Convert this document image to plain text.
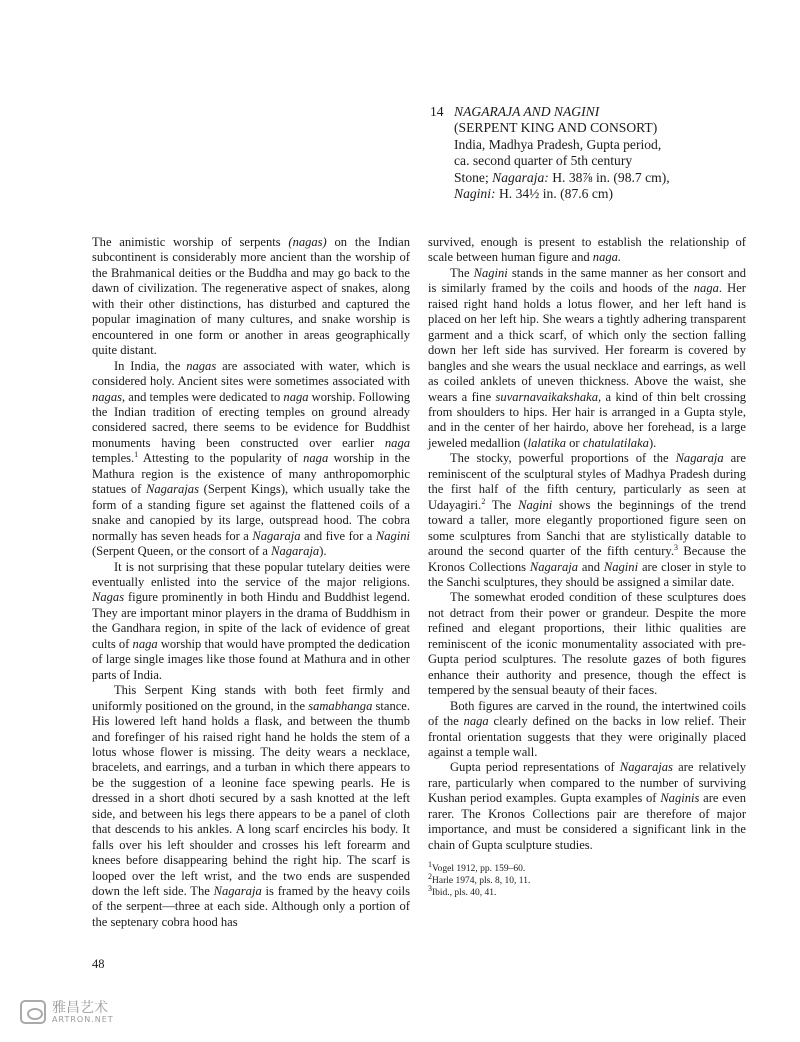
14 NAGARAJA AND NAGINI
(SERPENT KING AND CONSORT)
India, Madhya Pradesh, Gupta period,
ca. second quarter of 5th century
Stone; Nagaraja: H. 38⅞ in. (98.7 cm),
Nagini: H. 34½ in. (87.6 cm)

The animistic worship of serpents (nagas) on the Indian subcontinent is considerably more ancient than the worship of the Brahmanical deities or the Buddha and may go back to the dawn of civilization. The regenerative aspect of snakes, along with their other distinctions, has disturbed and captured the popular imagination of many cultures, and snake worship is encountered in one form or another in areas geographically quite distant.

In India, the nagas are associated with water, which is considered holy. Ancient sites were sometimes associated with nagas, and temples were dedicated to naga worship. Following the Indian tradition of erecting temples on ground already considered sacred, there seems to be evidence for Buddhist monuments having been constructed over earlier naga temples.$^1$ Attesting to the popularity of naga worship in the Mathura region is the existence of many anthropomorphic statues of Nagarajas (Serpent Kings), which usually take the form of a standing figure set against the flattened coils of a snake and canopied by its large, outspread hood. The cobra normally has seven heads for a Nagaraja and five for a Nagini (Serpent Queen, or the consort of a Nagaraja).

It is not surprising that these popular tutelary deities were eventually enlisted into the service of the major religions. Nagas figure prominently in both Hindu and Buddhist legend. They are important minor players in the drama of Buddhism in the Gandhara region, in spite of the lack of evidence of great cults of naga worship that would have prompted the dedication of large single images like those found at Mathura and in other parts of India.

This Serpent King stands with both feet firmly and uniformly positioned on the ground, in the samabhanga stance. His lowered left hand holds a flask, and between the thumb and forefinger of his raised right hand he holds the stem of a lotus whose flower is missing. The deity wears a necklace, bracelets, and earrings, and a turban in which there appears to be the suggestion of a leonine face spewing pearls. He is dressed in a short dhoti secured by a sash knotted at the left side, and between his legs there appears to be a panel of cloth that descends to his ankles. A long scarf encircles his body. It falls over his left shoulder and crosses his left forearm and knees before disappearing behind the right hip. The scarf is looped over the left wrist, and the two ends are suspended down the left side. The Nagaraja is framed by the heavy coils of the serpent—three at each side. Although only a portion of the septenary cobra hood has

survived, enough is present to establish the relationship of scale between human figure and naga.

The Nagini stands in the same manner as her consort and is similarly framed by the coils and hoods of the naga. Her raised right hand holds a lotus flower, and her left hand is placed on her left hip. She wears a tightly adhering transparent garment and a thick scarf, of which only the section falling down her left side has survived. Her forearm is covered by bangles and she wears the usual necklace and earrings, as well as coiled anklets of uneven thickness. Above the waist, she wears a fine suvarnavaikakshaka, a kind of thin belt crossing from shoulders to hips. Her hair is arranged in a Gupta style, and in the center of her hairdo, above her forehead, is a large jeweled medallion (lalatika or chatulatilaka).

The stocky, powerful proportions of the Nagaraja are reminiscent of the sculptural styles of Madhya Pradesh during the first half of the fifth century, particularly as seen at Udayagiri.$^2$ The Nagini shows the beginnings of the trend toward a taller, more elegantly proportioned figure seen on some sculptures from Sanchi that are stylistically datable to around the second quarter of the fifth century.$^3$ Because the Kronos Collections Nagaraja and Nagini are closer in style to the Sanchi sculptures, they should be assigned a similar date.

The somewhat eroded condition of these sculptures does not detract from their power or grandeur. Despite the more refined and elegant proportions, their lithic qualities are reminiscent of the iconic monumentality associated with pre-Gupta period sculptures. The resolute gazes of both figures enhance their authority and presence, though the effect is tempered by the sensual beauty of their faces.

Both figures are carved in the round, the intertwined coils of the naga clearly defined on the backs in low relief. Their frontal orientation suggests that they were originally placed against a temple wall.

Gupta period representations of Nagarajas are relatively rare, particularly when compared to the number of surviving Kushan period examples. Gupta examples of Naginis are even rarer. The Kronos Collections pair are therefore of major importance, and must be considered a significant link in the chain of Gupta sculpture studies.

$^1$Vogel 1912, pp. 159–60.
$^2$Harle 1974, pls. 8, 10, 11.
$^3$Ibid., pls. 40, 41.
48
雅昌艺术
ARTRON.NET
